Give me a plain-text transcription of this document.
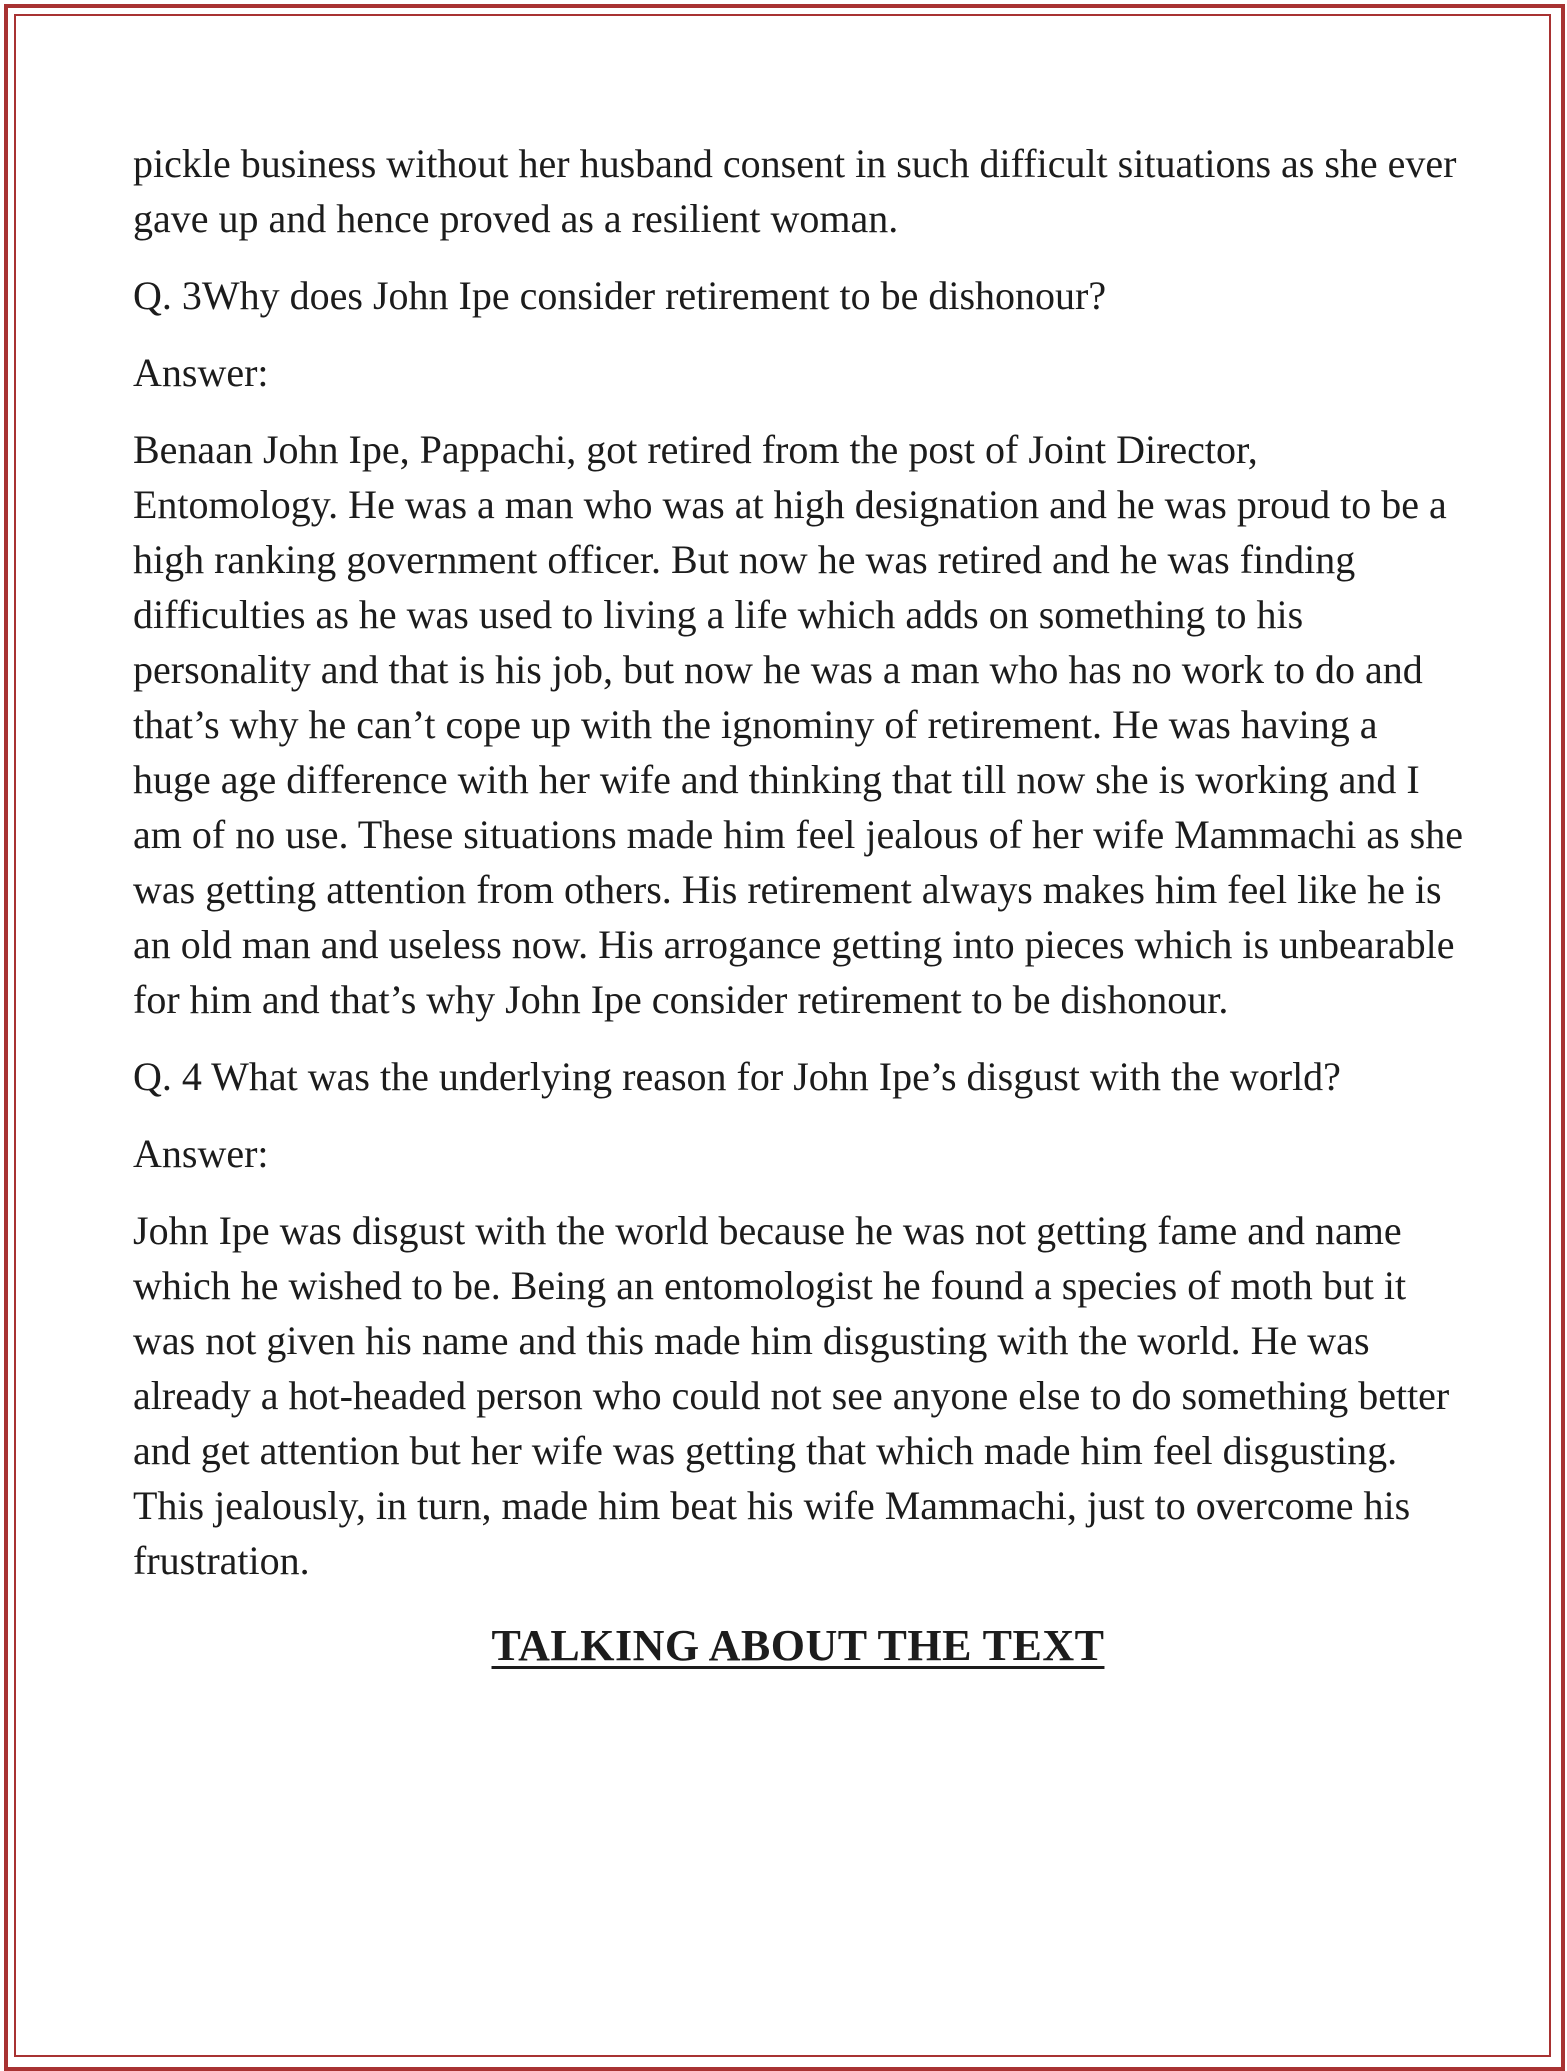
pickle business without her husband consent in such difficult situations as she ever gave up and hence proved as a resilient woman.

Q. 3Why does John Ipe consider retirement to be dishonour?

Answer:

Benaan John Ipe, Pappachi, got retired from the post of Joint Director, Entomology. He was a man who was at high designation and he was proud to be a high ranking government officer. But now he was retired and he was finding difficulties as he was used to living a life which adds on something to his personality and that is his job, but now he was a man who has no work to do and that’s why he can’t cope up with the ignominy of retirement. He was having a huge age difference with her wife and thinking that till now she is working and I am of no use. These situations made him feel jealous of her wife Mammachi as she was getting attention from others. His retirement always makes him feel like he is an old man and useless now. His arrogance getting into pieces which is unbearable for him and that’s why John Ipe consider retirement to be dishonour.

Q. 4 What was the underlying reason for John Ipe’s disgust with the world?

Answer:

John Ipe was disgust with the world because he was not getting fame and name which he wished to be. Being an entomologist he found a species of moth but it was not given his name and this made him disgusting with the world. He was already a hot-headed person who could not see anyone else to do something better and get attention but her wife was getting that which made him feel disgusting. This jealously, in turn, made him beat his wife Mammachi, just to overcome his frustration.

TALKING ABOUT THE TEXT
